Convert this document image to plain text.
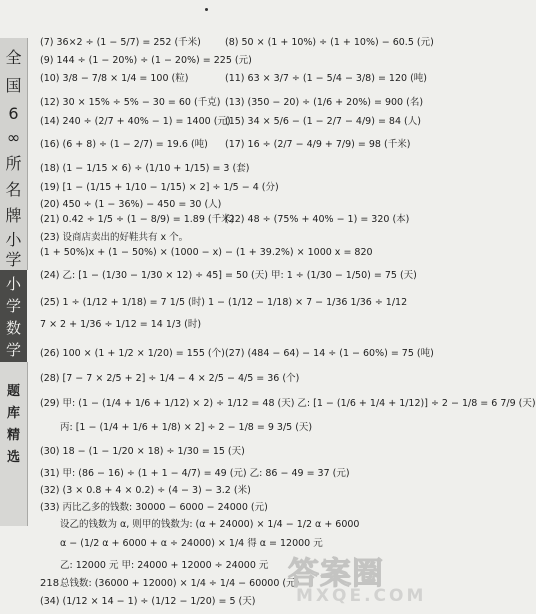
全
国
6
∞
所
名
牌
小
学
小
学
数
学
题
库
精
选
(7) 36×2 ÷ (1 − 5/7) = 252 (千米)	(8) 50 × (1 + 10%) ÷ (1 + 10%) − 60.5 (元)
(9) 144 ÷ (1 − 20%) ÷ (1 − 20%) = 225 (元)
(10) 3/8 − 7/8 × 1/4 = 100 (粒)	(11) 63 × 3/7 ÷ (1 − 5/4 − 3/8) = 120 (吨)
(12) 30 × 15% ÷ 5% − 30 = 60 (千克) (13) (350 − 20) ÷ (1/6 + 20%) = 900 (名)
(14) 240 ÷ (2/7 + 40% − 1) = 1400 (元)
(15) 34 × 5/6 − (1 − 2/7 − 4/9) = 84 (人)
(16) (6 + 8) ÷ (1 − 2/7) = 19.6 (吨) (17) 16 ÷ (2/7 − 4/9 + 7/9) = 98 (千米)
(18) (1 − 1/15 × 6) ÷ (1/10 + 1/15) = 3 (套)
(19) [1 − (1/15 + 1/10 − 1/15) × 2] ÷ 1/5 − 4 (分)
(20) 450 ÷ (1 − 36%) − 450 = 30 (人)
(21) 0.42 ÷ 1/5 ÷ (1 − 8/9) = 1.89 (千米)
(22) 48 ÷ (75% + 40% − 1) = 320 (本)
(23) 设商店卖出的好鞋共有 x 个。
(1 + 50%)x + (1 − 50%) × (1000 − x) − (1 + 39.2%) × 1000 x = 820
(24) 乙: [1 − (1/30 − 1/30 × 12) ÷ 45] = 50 (天) 甲: 1 ÷ (1/30 − 1/50) = 75 (天)
(25) 1 ÷ (1/12 + 1/18) = 7 1/5 (时) 1 − (1/12 − 1/18) × 7 − 1/36 1/36 ÷ 1/12
7 × 2 + 1/36 ÷ 1/12 = 14 1/3 (时)
(26) 100 × (1 + 1/2 × 1/20) = 155 (个) (27) (484 − 64) − 14 ÷ (1 − 60%) = 75 (吨)
(28) [7 − 7 × 2/5 + 2] ÷ 1/4 − 4 × 2/5 − 4/5 = 36 (个)
(29) 甲: (1 − (1/4 + 1/6 + 1/12) × 2) ÷ 1/12 = 48 (天) 乙: [1 − (1/6 + 1/4 + 1/12)] ÷ 2 − 1/8 = 6 7/9 (天)
丙: [1 − (1/4 + 1/6 + 1/8) × 2] ÷ 2 − 1/8 = 9 3/5 (天)
(30) 18 − (1 − 1/20 × 18) ÷ 1/30 = 15 (天)
(31) 甲: (86 − 16) ÷ (1 + 1 − 4/7) = 49 (元) 乙: 86 − 49 = 37 (元)
(32) (3 × 0.8 + 4 × 0.2) ÷ (4 − 3) − 3.2 (米)
(33) 丙比乙多的钱数: 30000 − 6000 − 24000 (元)
设乙的钱数为 α, 则甲的钱数为: (α + 24000) × 1/4 − 1/2 α + 6000
α − (1/2 α + 6000 + α ÷ 24000) × 1/4 得 α = 12000 元
乙: 12000 元 甲: 24000 + 12000 ÷ 24000 元
总钱数: (36000 + 12000) × 1/4 ÷ 1/4 − 60000 (元)
(34) (1/12 × 14 − 1) ÷ (1/12 − 1/20) = 5 (天)
218	答案圈
MXQE.COM
